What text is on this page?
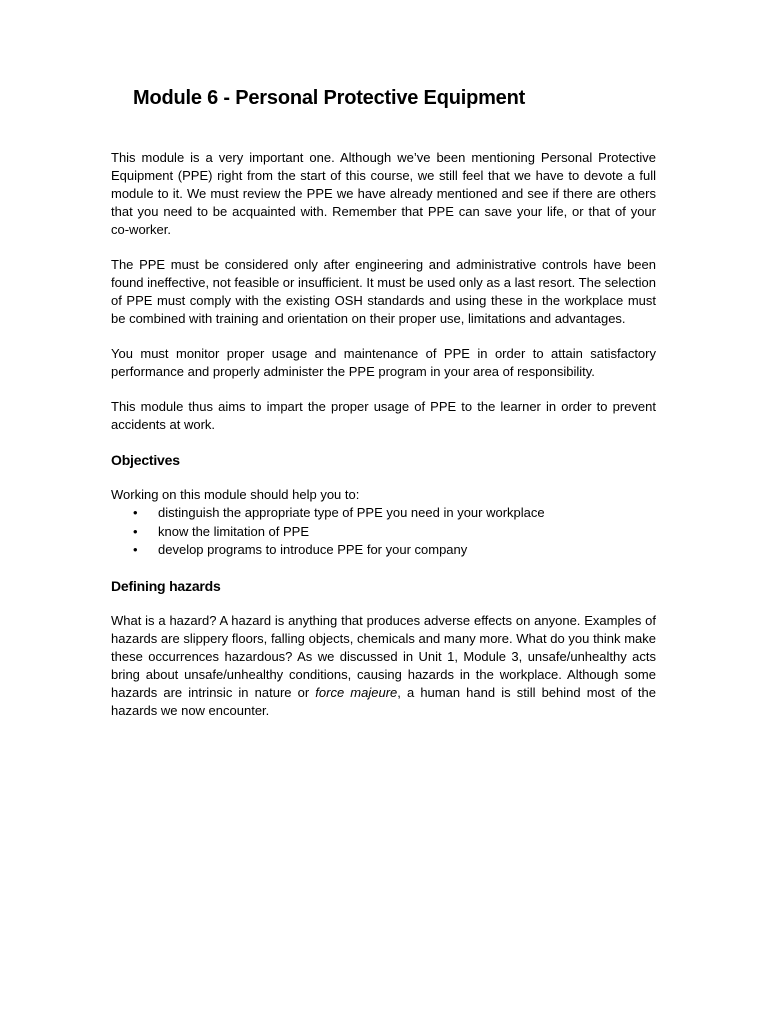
Module 6 - Personal Protective Equipment

This module is a very important one. Although we’ve been mentioning Personal Protective Equipment (PPE) right from the start of this course, we still feel that we have to devote a full module to it. We must review the PPE we have already mentioned and see if there are others that you need to be acquainted with. Remember that PPE can save your life, or that of your co-worker.

The PPE must be considered only after engineering and administrative controls have been found ineffective, not feasible or insufficient. It must be used only as a last resort. The selection of PPE must comply with the existing OSH standards and using these in the workplace must be combined with training and orientation on their proper use, limitations and advantages.

You must monitor proper usage and maintenance of PPE in order to attain satisfactory performance and properly administer the PPE program in your area of responsibility.

This module thus aims to impart the proper usage of PPE to the learner in order to prevent accidents at work.

Objectives

Working on this module should help you to:

• distinguish the appropriate type of PPE you need in your workplace
• know the limitation of PPE
• develop programs to introduce PPE for your company
Defining hazards

What is a hazard? A hazard is anything that produces adverse effects on anyone. Examples of hazards are slippery floors, falling objects, chemicals and many more. What do you think make these occurrences hazardous? As we discussed in Unit 1, Module 3, unsafe/unhealthy acts bring about unsafe/unhealthy conditions, causing hazards in the workplace. Although some hazards are intrinsic in nature or force majeure, a human hand is still behind most of the hazards we now encounter.
